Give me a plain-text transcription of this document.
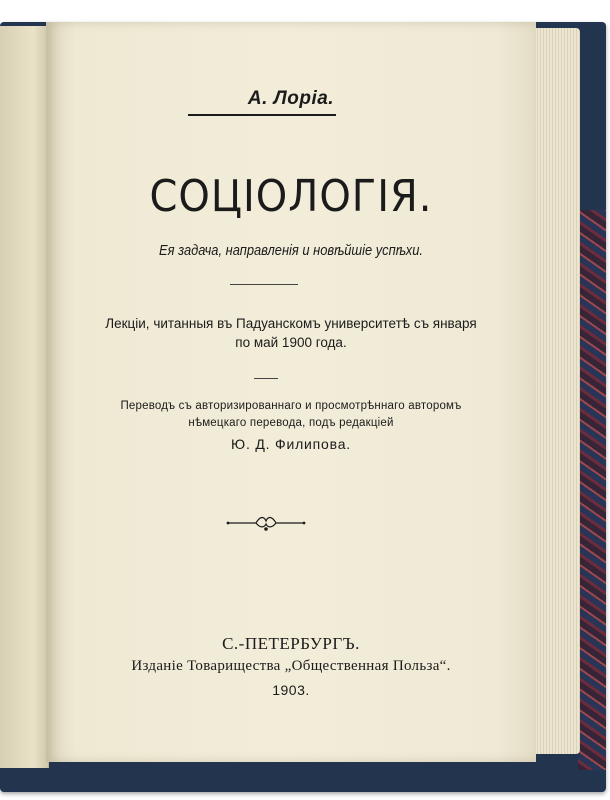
А. Лорiа.
СОЦIОЛОГIЯ.
Ея задача, направленiя и новѣйшiе успѣхи.
Лекцiи, читанныя въ Падуанскомъ университетѣ съ января
по май 1900 года.
Переводъ съ авторизированнаго и просмотрѣннаго авторомъ
нѣмецкаго перевода, подъ редакцiей
Ю. Д. Филипова.
С.-ПЕТЕРБУРГЪ.
Изданiе Товарищества „Общественная Польза“.
1903.
